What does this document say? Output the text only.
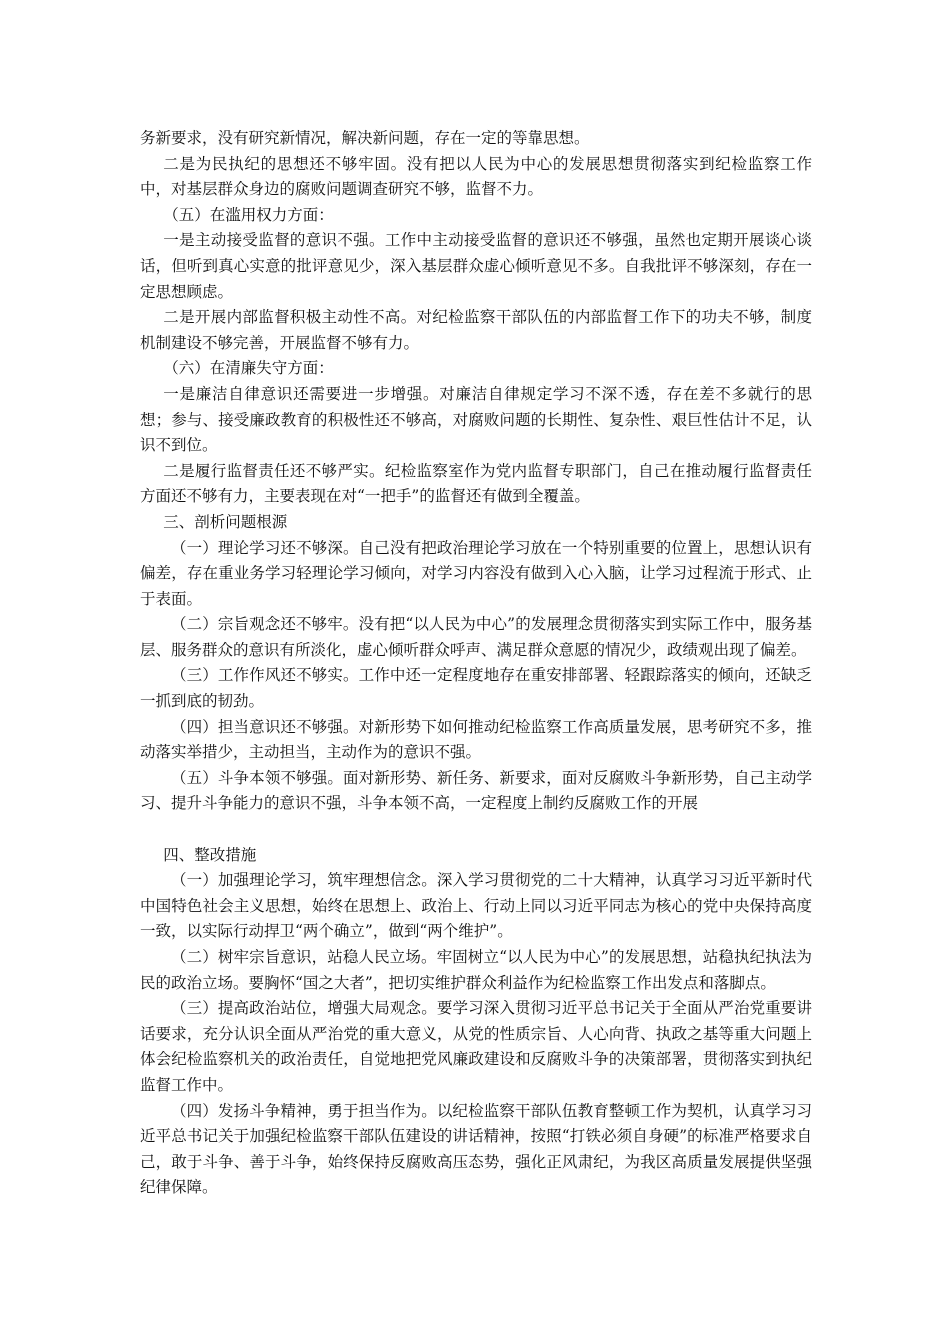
务新要求，没有研究新情况，解决新问题，存在一定的等靠思想。

二是为民执纪的思想还不够牢固。没有把以人民为中心的发展思想贯彻落实到纪检监察工作中，对基层群众身边的腐败问题调查研究不够，监督不力。

（五）在滥用权力方面：

一是主动接受监督的意识不强。工作中主动接受监督的意识还不够强，虽然也定期开展谈心谈话，但听到真心实意的批评意见少，深入基层群众虚心倾听意见不多。自我批评不够深刻，存在一定思想顾虑。

二是开展内部监督积极主动性不高。对纪检监察干部队伍的内部监督工作下的功夫不够，制度机制建设不够完善，开展监督不够有力。

（六）在清廉失守方面：

一是廉洁自律意识还需要进一步增强。对廉洁自律规定学习不深不透，存在差不多就行的思想；参与、接受廉政教育的积极性还不够高，对腐败问题的长期性、复杂性、艰巨性估计不足，认识不到位。

二是履行监督责任还不够严实。纪检监察室作为党内监督专职部门，自己在推动履行监督责任方面还不够有力，主要表现在对“一把手”的监督还有做到全覆盖。

三、剖析问题根源

（一）理论学习还不够深。自己没有把政治理论学习放在一个特别重要的位置上，思想认识有偏差，存在重业务学习轻理论学习倾向，对学习内容没有做到入心入脑，让学习过程流于形式、止于表面。

（二）宗旨观念还不够牢。没有把“以人民为中心”的发展理念贯彻落实到实际工作中，服务基层、服务群众的意识有所淡化，虚心倾听群众呼声、满足群众意愿的情况少，政绩观出现了偏差。

（三）工作作风还不够实。工作中还一定程度地存在重安排部署、轻跟踪落实的倾向，还缺乏一抓到底的韧劲。

（四）担当意识还不够强。对新形势下如何推动纪检监察工作高质量发展，思考研究不多，推动落实举措少，主动担当，主动作为的意识不强。

（五）斗争本领不够强。面对新形势、新任务、新要求，面对反腐败斗争新形势，自己主动学习、提升斗争能力的意识不强，斗争本领不高，一定程度上制约反腐败工作的开展

四、整改措施

（一）加强理论学习，筑牢理想信念。深入学习贯彻党的二十大精神，认真学习习近平新时代中国特色社会主义思想，始终在思想上、政治上、行动上同以习近平同志为核心的党中央保持高度一致，以实际行动捍卫“两个确立”，做到“两个维护”。

（二）树牢宗旨意识，站稳人民立场。牢固树立“以人民为中心”的发展思想，站稳执纪执法为民的政治立场。要胸怀“国之大者”，把切实维护群众利益作为纪检监察工作出发点和落脚点。

（三）提高政治站位，增强大局观念。要学习深入贯彻习近平总书记关于全面从严治党重要讲话要求，充分认识全面从严治党的重大意义，从党的性质宗旨、人心向背、执政之基等重大问题上体会纪检监察机关的政治责任，自觉地把党风廉政建设和反腐败斗争的决策部署，贯彻落实到执纪监督工作中。

（四）发扬斗争精神，勇于担当作为。以纪检监察干部队伍教育整顿工作为契机，认真学习习近平总书记关于加强纪检监察干部队伍建设的讲话精神，按照“打铁必须自身硬”的标准严格要求自己，敢于斗争、善于斗争，始终保持反腐败高压态势，强化正风肃纪，为我区高质量发展提供坚强纪律保障。
